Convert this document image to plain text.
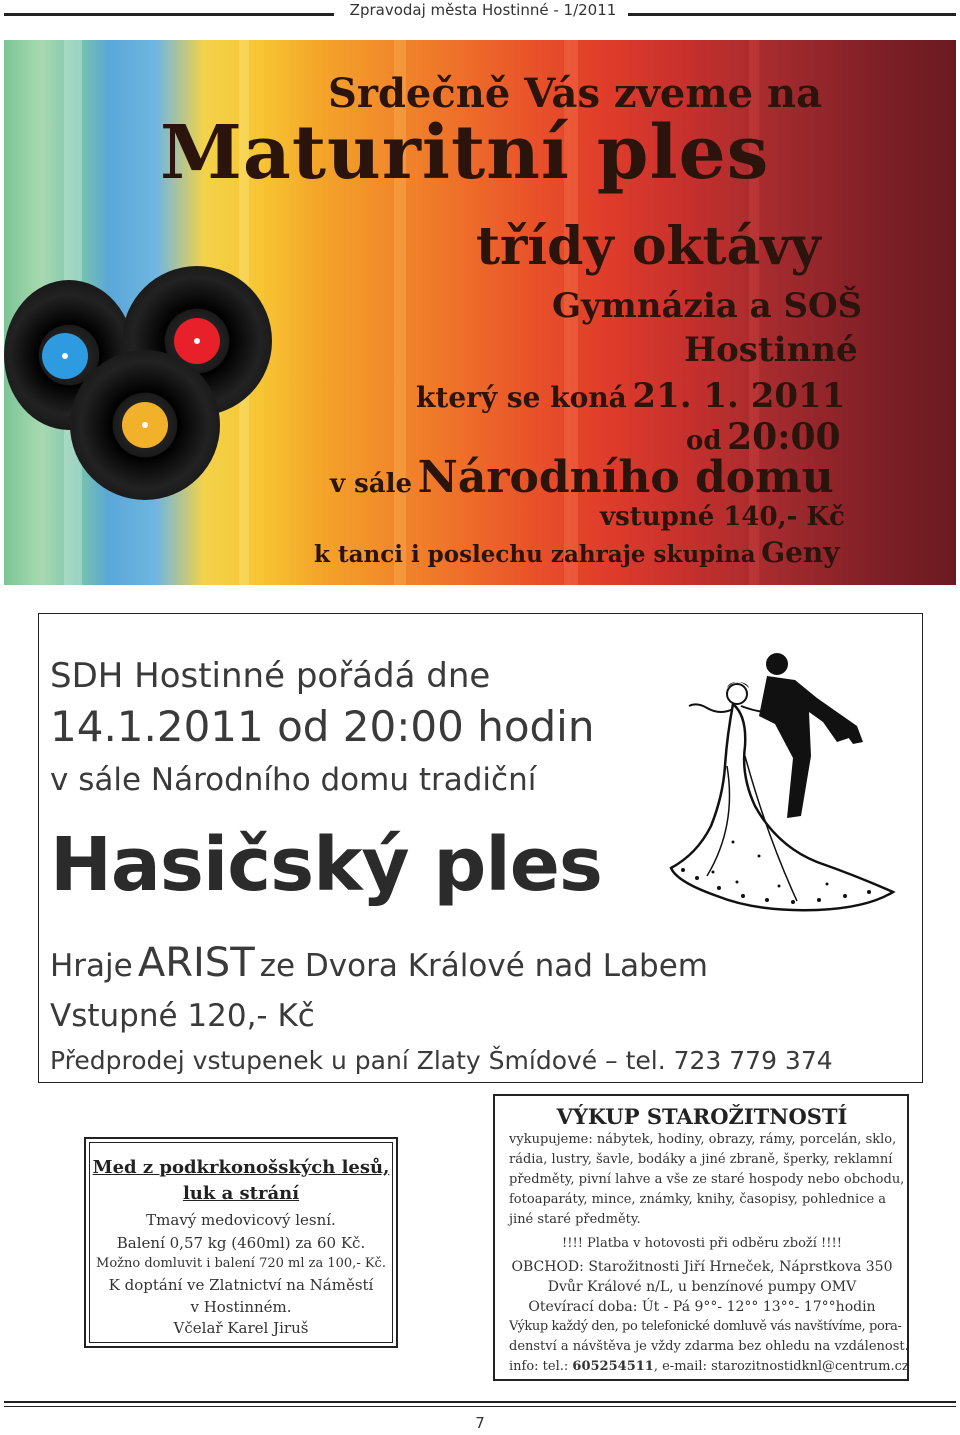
Zpravodaj města Hostinné - 1/2011
Srdečně Vás zveme na
Maturitní ples
třídy oktávy
Gymnázia a SOŠ
Hostinné
který se koná 21. 1. 2011
od 20:00
v sále Národního domu
vstupné 140,- Kč
k tanci i poslechu zahraje skupina Geny
SDH Hostinné pořádá dne
14.1.2011 od 20:00 hodin
v sále Národního domu tradiční
Hasičský ples
Hraje ARIST ze Dvora Králové nad Labem
Vstupné 120,- Kč
Předprodej vstupenek u paní Zlaty Šmídové – tel. 723 779 374
Med z podkrkonošských lesů,
luk a strání
Tmavý medovicový lesní.
Balení 0,57 kg (460ml) za 60 Kč.
Možno domluvit i balení 720 ml za 100,- Kč.
K doptání ve Zlatnictví na Náměstí
v Hostinném.
Včelař Karel Jiruš
VÝKUP STAROŽITNOSTÍ
vykupujeme: nábytek, hodiny, obrazy, rámy, porcelán, sklo,
rádia, lustry, šavle, bodáky a jiné zbraně, šperky, reklamní
předměty, pivní lahve a vše ze staré hospody nebo obchodu,
fotoaparáty, mince, známky, knihy, časopisy, pohlednice a
jiné staré předměty.
!!!! Platba v hotovosti při odběru zboží !!!!
OBCHOD: Starožitnosti Jiří Hrneček, Náprstkova 350
Dvůr Králové n/L, u benzínové pumpy OMV
Otevírací doba: Út - Pá 9°°- 12°° 13°°- 17°°hodin
Výkup každý den, po telefonické domluvě vás navštívíme, pora-
denství a návštěva je vždy zdarma bez ohledu na vzdálenost.
info: tel.: 605254511, e-mail: starozitnostidknl@centrum.cz
7
